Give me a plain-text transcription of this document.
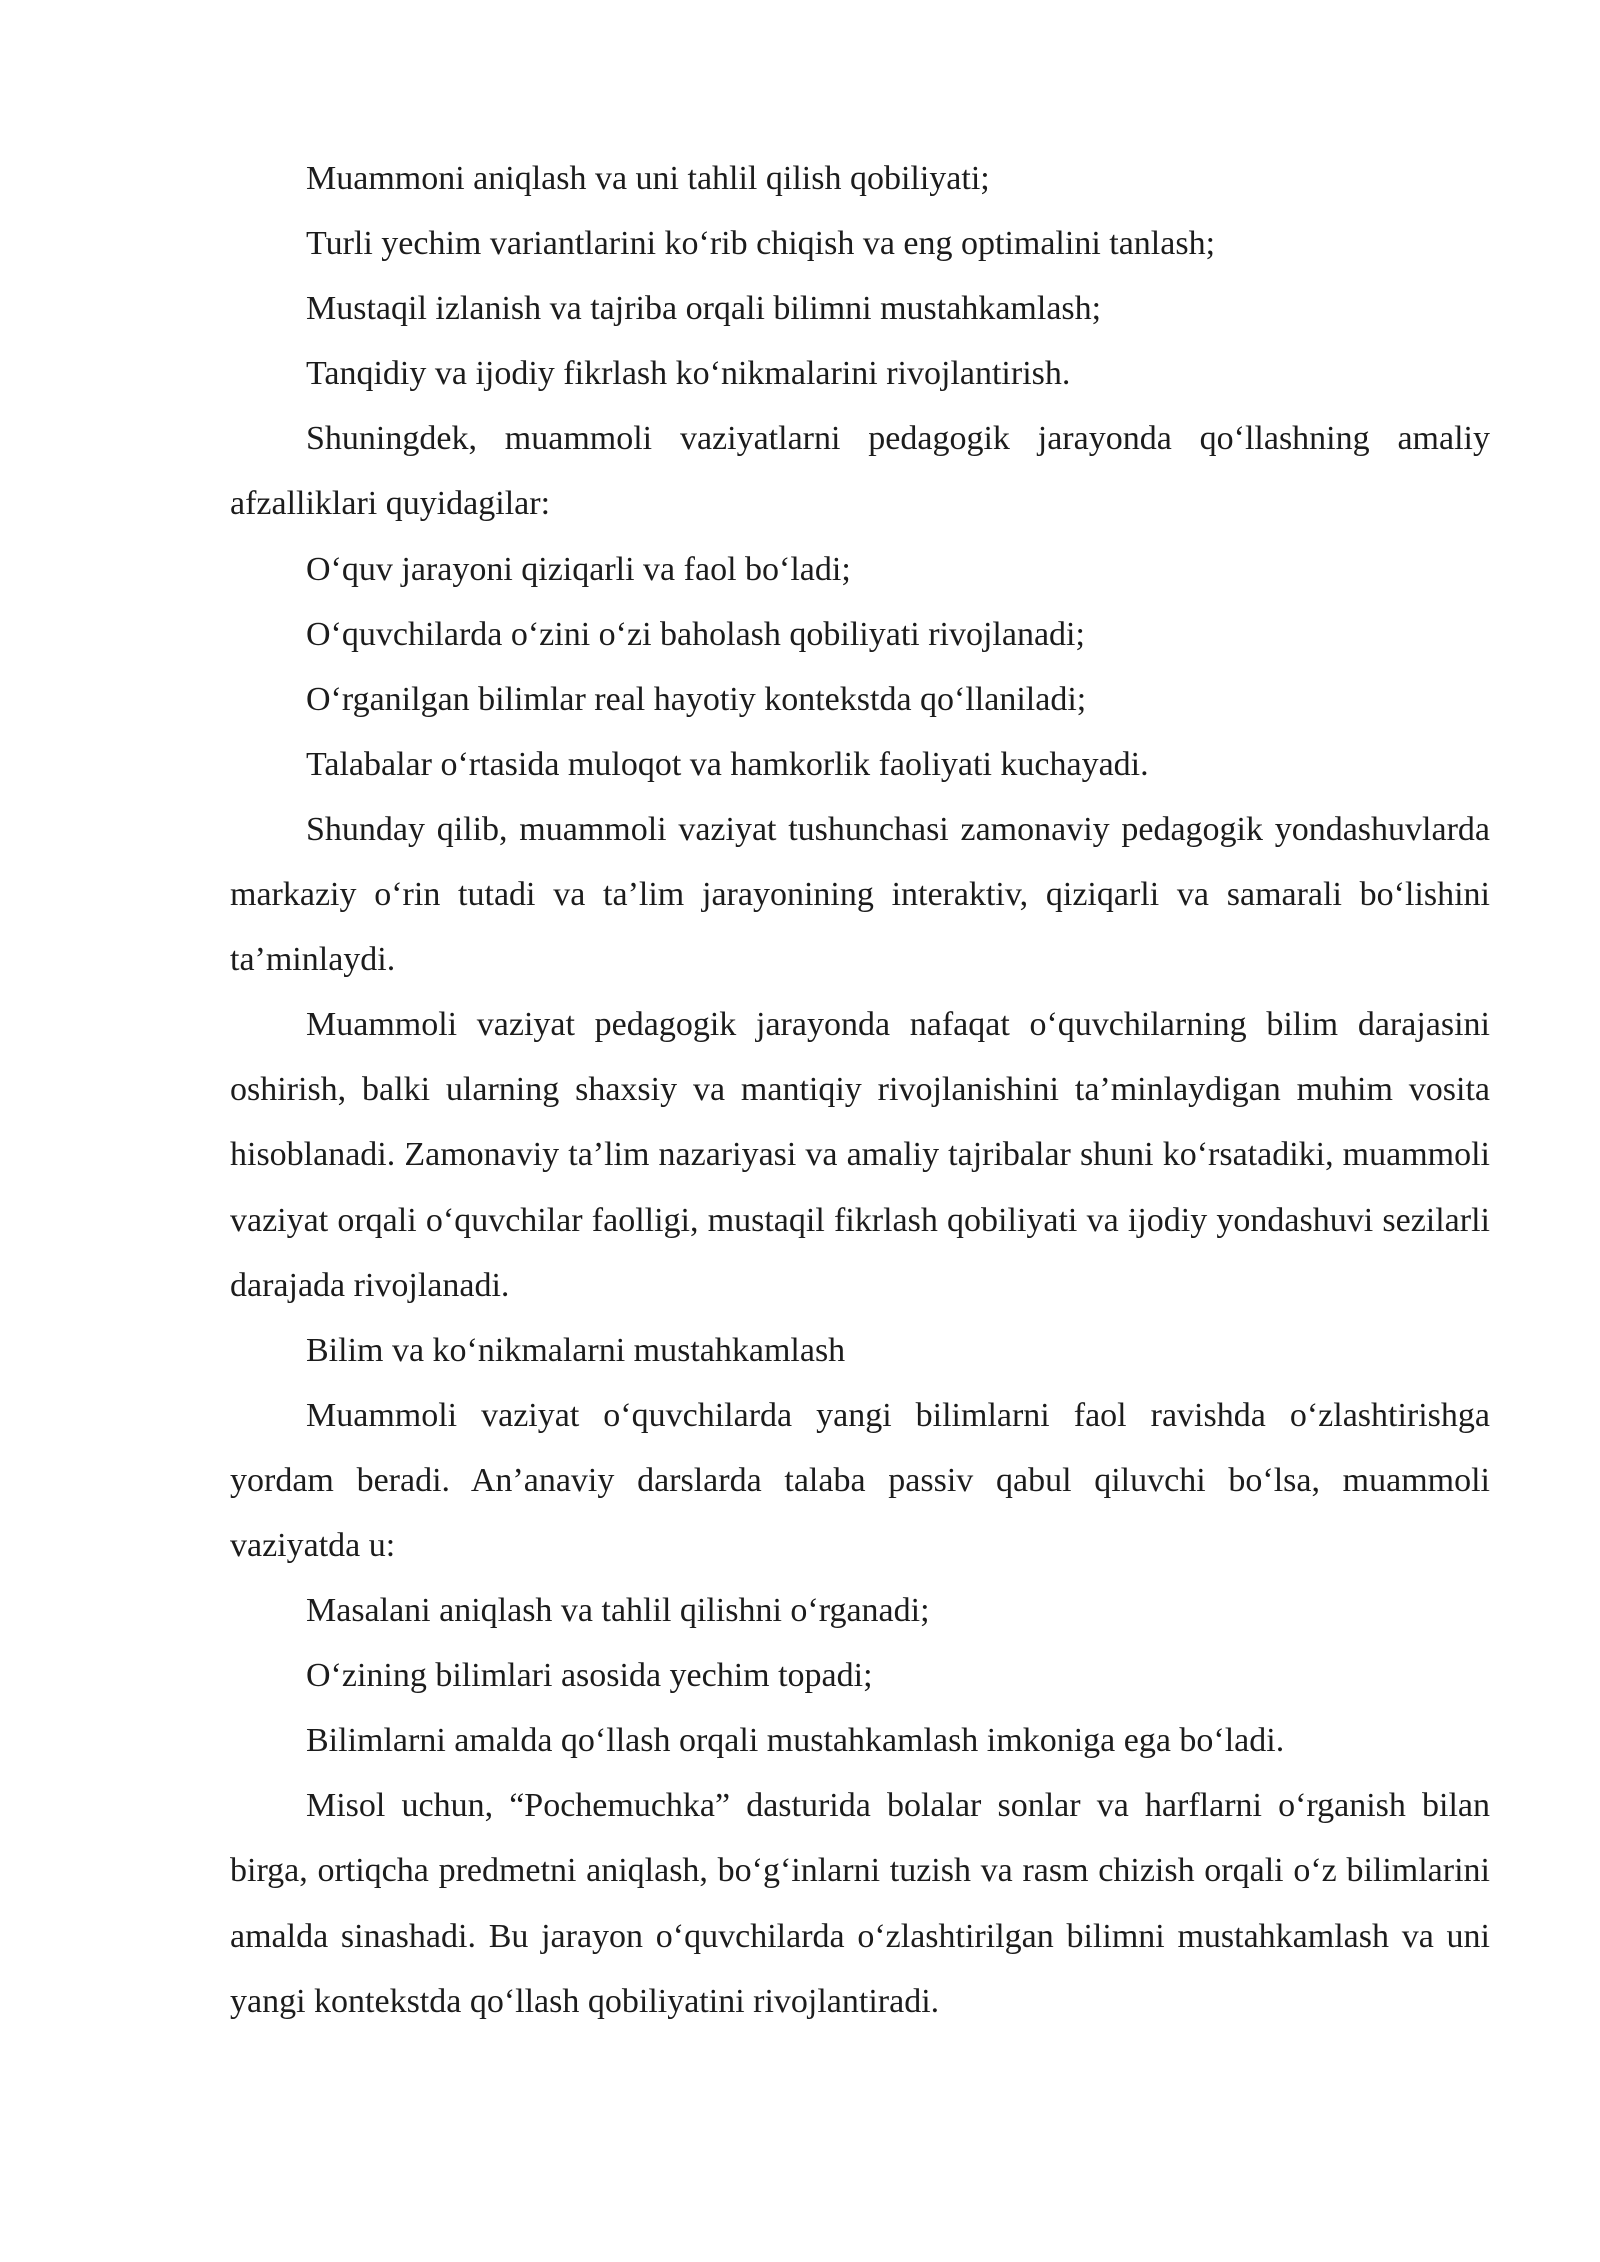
Muammoni aniqlash va uni tahlil qilish qobiliyati;

Turli yechim variantlarini ko‘rib chiqish va eng optimalini tanlash;

Mustaqil izlanish va tajriba orqali bilimni mustahkamlash;

Tanqidiy va ijodiy fikrlash ko‘nikmalarini rivojlantirish.

Shuningdek, muammoli vaziyatlarni pedagogik jarayonda qo‘llashning amaliy afzalliklari quyidagilar:

O‘quv jarayoni qiziqarli va faol bo‘ladi;

O‘quvchilarda o‘zini o‘zi baholash qobiliyati rivojlanadi;

O‘rganilgan bilimlar real hayotiy kontekstda qo‘llaniladi;

Talabalar o‘rtasida muloqot va hamkorlik faoliyati kuchayadi.

Shunday qilib, muammoli vaziyat tushunchasi zamonaviy pedagogik yondashuvlarda markaziy o‘rin tutadi va ta’lim jarayonining interaktiv, qiziqarli va samarali bo‘lishini ta’minlaydi.

Muammoli vaziyat pedagogik jarayonda nafaqat o‘quvchilarning bilim darajasini oshirish, balki ularning shaxsiy va mantiqiy rivojlanishini ta’minlaydigan muhim vosita hisoblanadi. Zamonaviy ta’lim nazariyasi va amaliy tajribalar shuni ko‘rsatadiki, muammoli vaziyat orqali o‘quvchilar faolligi, mustaqil fikrlash qobiliyati va ijodiy yondashuvi sezilarli darajada rivojlanadi.

Bilim va ko‘nikmalarni mustahkamlash

Muammoli vaziyat o‘quvchilarda yangi bilimlarni faol ravishda o‘zlashtirishga yordam beradi. An’anaviy darslarda talaba passiv qabul qiluvchi bo‘lsa, muammoli vaziyatda u:

Masalani aniqlash va tahlil qilishni o‘rganadi;

O‘zining bilimlari asosida yechim topadi;

Bilimlarni amalda qo‘llash orqali mustahkamlash imkoniga ega bo‘ladi.

Misol uchun, “Pochemuchka” dasturida bolalar sonlar va harflarni o‘rganish bilan birga, ortiqcha predmetni aniqlash, bo‘g‘inlarni tuzish va rasm chizish orqali o‘z bilimlarini amalda sinashadi. Bu jarayon o‘quvchilarda o‘zlashtirilgan bilimni mustahkamlash va uni yangi kontekstda qo‘llash qobiliyatini rivojlantiradi.
